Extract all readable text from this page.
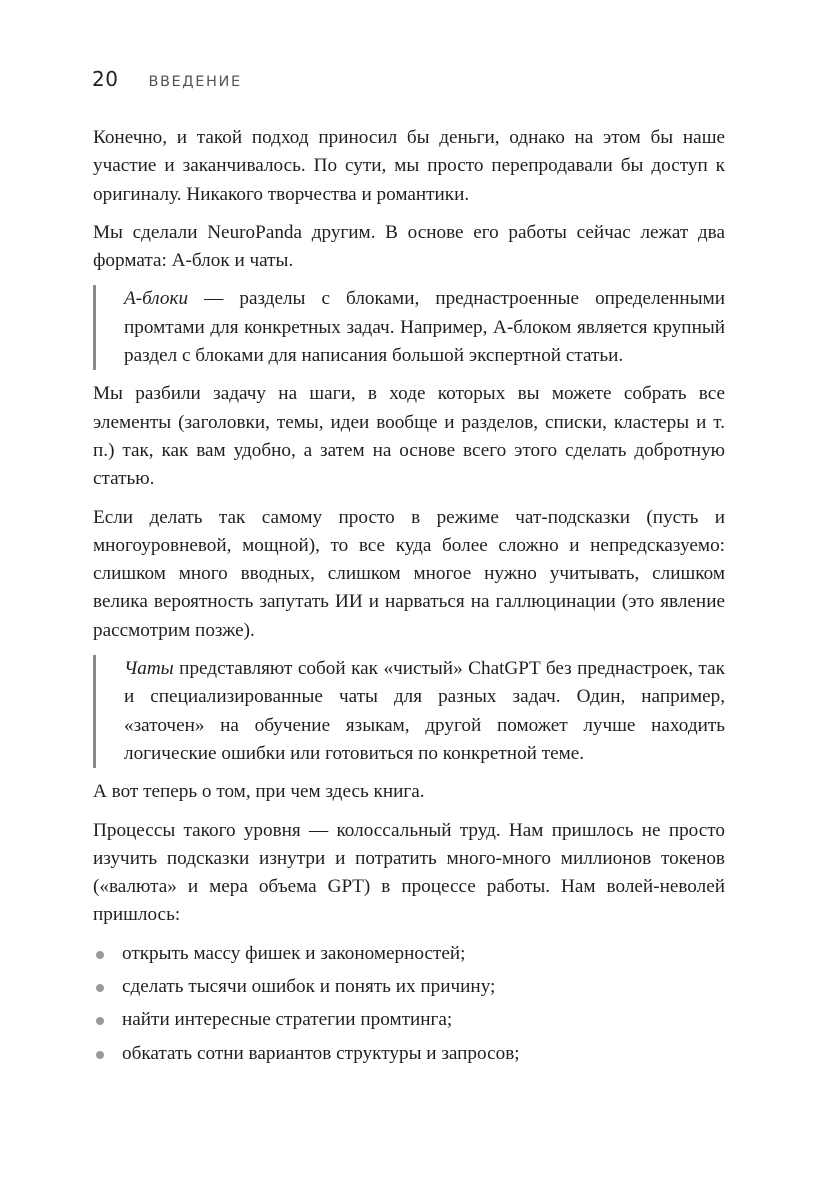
20 ВВЕДЕНИЕ

Конечно, и такой подход приносил бы деньги, однако на этом бы наше участие и заканчивалось. По сути, мы просто перепродавали бы доступ к оригиналу. Никакого творчества и романтики.

Мы сделали NeuroPanda другим. В основе его работы сейчас лежат два формата: А-блок и чаты.

А-блоки — разделы с блоками, преднастроенные определенными промтами для конкретных задач. Например, А-блоком является крупный раздел с блоками для написания большой экспертной статьи.

Мы разбили задачу на шаги, в ходе которых вы можете собрать все элементы (заголовки, темы, идеи вообще и разделов, списки, кластеры и т. п.) так, как вам удобно, а затем на основе всего этого сделать добротную статью.

Если делать так самому просто в режиме чат-подсказки (пусть и многоуровневой, мощной), то все куда более сложно и непредсказуемо: слишком много вводных, слишком многое нужно учитывать, слишком велика вероятность запутать ИИ и нарваться на галлюцинации (это явление рассмотрим позже).

Чаты представляют собой как «чистый» ChatGPT без преднастроек, так и специализированные чаты для разных задач. Один, например, «заточен» на обучение языкам, другой поможет лучше находить логические ошибки или готовиться по конкретной теме.

А вот теперь о том, при чем здесь книга.

Процессы такого уровня — колоссальный труд. Нам пришлось не просто изучить подсказки изнутри и потратить много-много миллионов токенов («валюта» и мера объема GPT) в процессе работы. Нам волей-неволей пришлось:

открыть массу фишек и закономерностей;
сделать тысячи ошибок и понять их причину;
найти интересные стратегии промтинга;
обкатать сотни вариантов структуры и запросов;
